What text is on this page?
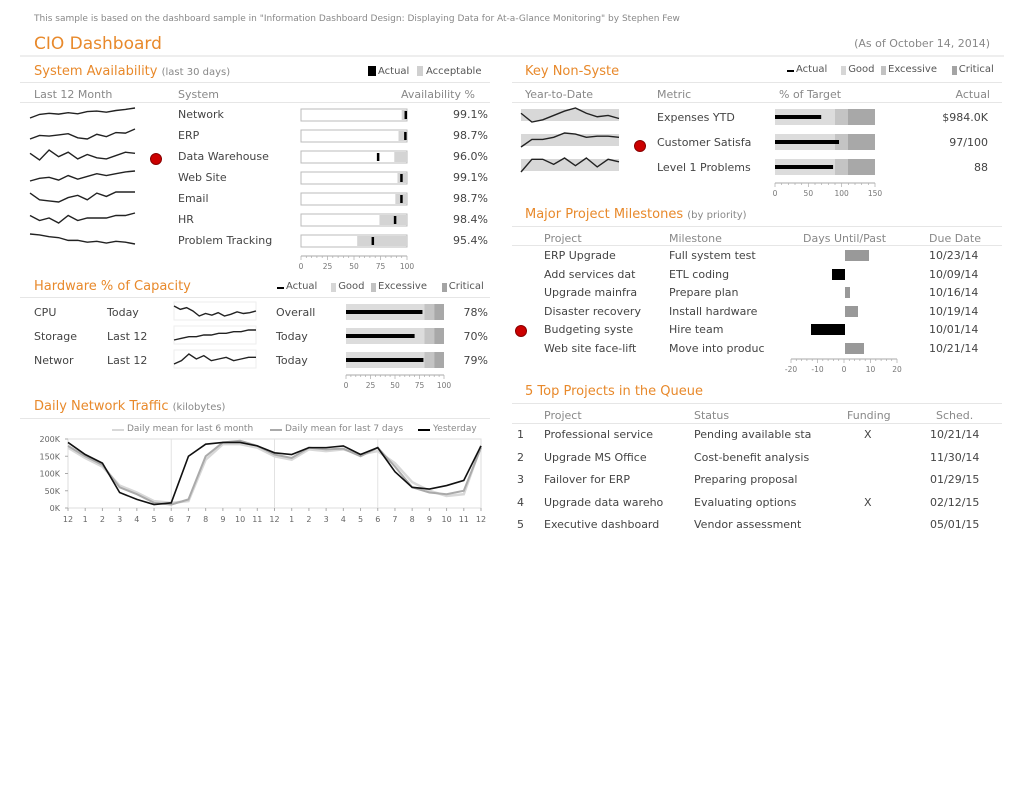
This sample is based on the dashboard sample in "Information Dashboard Design: Displaying Data for At-a-Glance Monitoring" by Stephen Few
CIO Dashboard	(As of October 14, 2014)
System Availability (last 30 days)	Actual Acceptable
Last 12 Month	System	Availability %
Network	99.1%
ERP	98.7%
Data Warehouse	96.0%
Web Site	99.1%
Email	98.7%
HR	98.4%
Problem Tracking	95.4%
0	25 50 75 100
Hardware % of Capacity	Actual Good Excessive Critical
CPU	Today	Overall	78%
Storage	Last 12	Today	70%
Networ	Last 12	Today	79%
0 25 50 75 100
Daily Network Traffic (kilobytes)
Daily mean for last 6 month	Daily mean for last 7 days	Yesterday
200K
150K
100K
50K
0K
12 1 2 3 4 5 6 7 8 9 10 11 12 1 2 3 4 5 6 7 8 9 10 11 12
Key Non-Syste	Actual Good Excessive Critical
Year-to-Date	Metric	% of Target	Actual
Expenses YTD	$984.0K
Customer Satisfa	97/100
Level 1 Problems	88
0	50	100	150
Major Project Milestones (by priority)
Project	Milestone	Days Until/Past	Due Date
ERP Upgrade	Full system test	10/23/14
Add services dat	ETL coding	10/09/14
Upgrade mainfra	Prepare plan	10/16/14
Disaster recovery	Install hardware	10/19/14
Budgeting syste	Hire team	10/01/14
Web site face-lift	Move into produc	10/21/14
-20 -10 0	10 20
5 Top Projects in the Queue
Project	Status	Funding	Sched.
1 Professional service	Pending available sta	X	10/21/14
2 Upgrade MS Office	Cost-benefit analysis	11/30/14
3 Failover for ERP	Preparing proposal	01/29/15
4 Upgrade data wareho	Evaluating options	X	02/12/15
5 Executive dashboard	Vendor assessment	05/01/15
